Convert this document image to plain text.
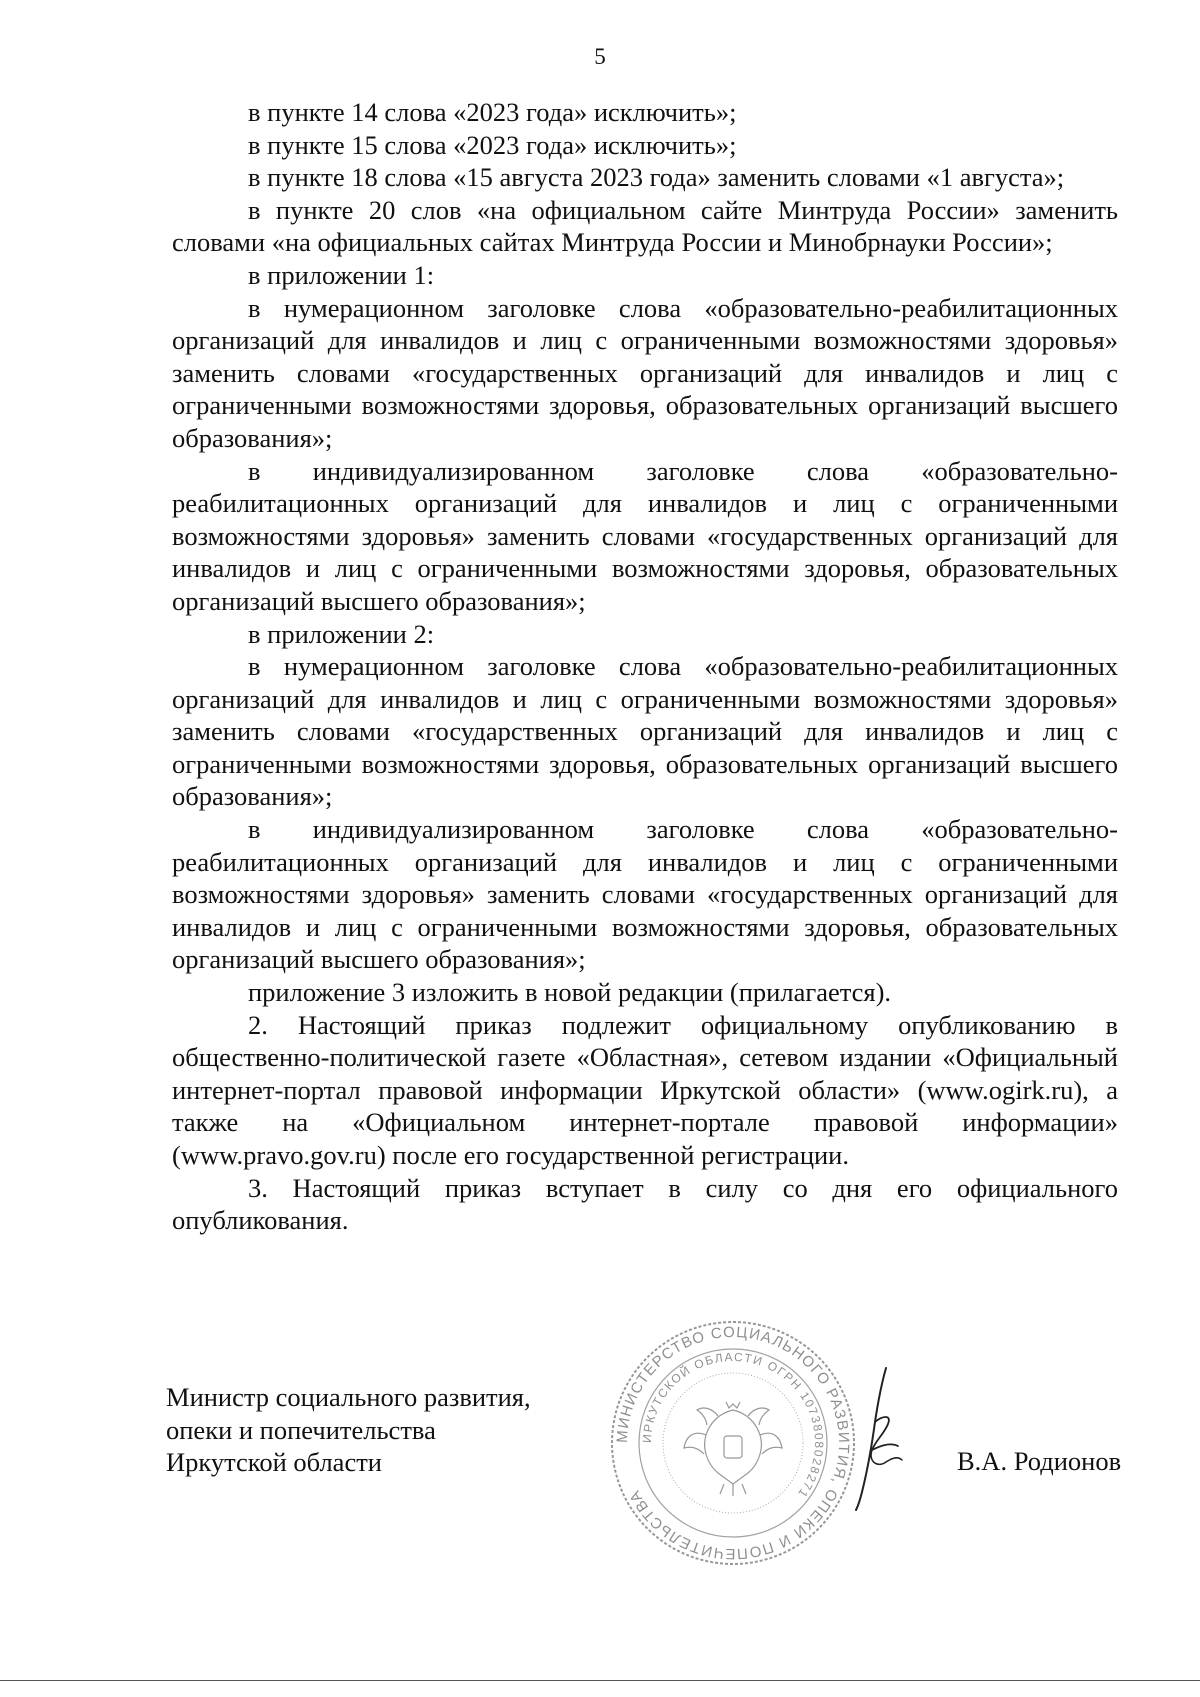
5

в пункте 14 слова «2023 года» исключить»;

в пункте 15 слова «2023 года» исключить»;

в пункте 18 слова «15 августа 2023 года» заменить словами «1 августа»;

в пункте 20 слов «на официальном сайте Минтруда России» заменить словами «на официальных сайтах Минтруда России и Минобрнауки России»;

в приложении 1:

в нумерационном заголовке слова «образовательно-реабилитационных организаций для инвалидов и лиц с ограниченными возможностями здоровья» заменить словами «государственных организаций для инвалидов и лиц с ограниченными возможностями здоровья, образовательных организаций высшего образования»;

в индивидуализированном заголовке слова «образовательно-реабилитационных организаций для инвалидов и лиц с ограниченными возможностями здоровья» заменить словами «государственных организаций для инвалидов и лиц с ограниченными возможностями здоровья, образовательных организаций высшего образования»;

в приложении 2:

в нумерационном заголовке слова «образовательно-реабилитационных организаций для инвалидов и лиц с ограниченными возможностями здоровья» заменить словами «государственных организаций для инвалидов и лиц с ограниченными возможностями здоровья, образовательных организаций высшего образования»;

в индивидуализированном заголовке слова «образовательно-реабилитационных организаций для инвалидов и лиц с ограниченными возможностями здоровья» заменить словами «государственных организаций для инвалидов и лиц с ограниченными возможностями здоровья, образовательных организаций высшего образования»;

приложение 3 изложить в новой редакции (прилагается).

2. Настоящий приказ подлежит официальному опубликованию в общественно-политической газете «Областная», сетевом издании «Официальный интернет-портал правовой информации Иркутской области» (www.ogirk.ru), а также на «Официальном интернет-портале правовой информации» (www.pravo.gov.ru) после его государственной регистрации.

3. Настоящий приказ вступает в силу со дня его официального опубликования.

Министр социального развития,
опеки и попечительства
Иркутской области
МИНИСТЕРСТВО СОЦИАЛЬНОГО РАЗВИТИЯ, ОПЕКИ И ПОПЕЧИТЕЛЬСТВА
ИРКУТСКОЙ ОБЛАСТИ ОГРН 1073808028271
В.А. Родионов
